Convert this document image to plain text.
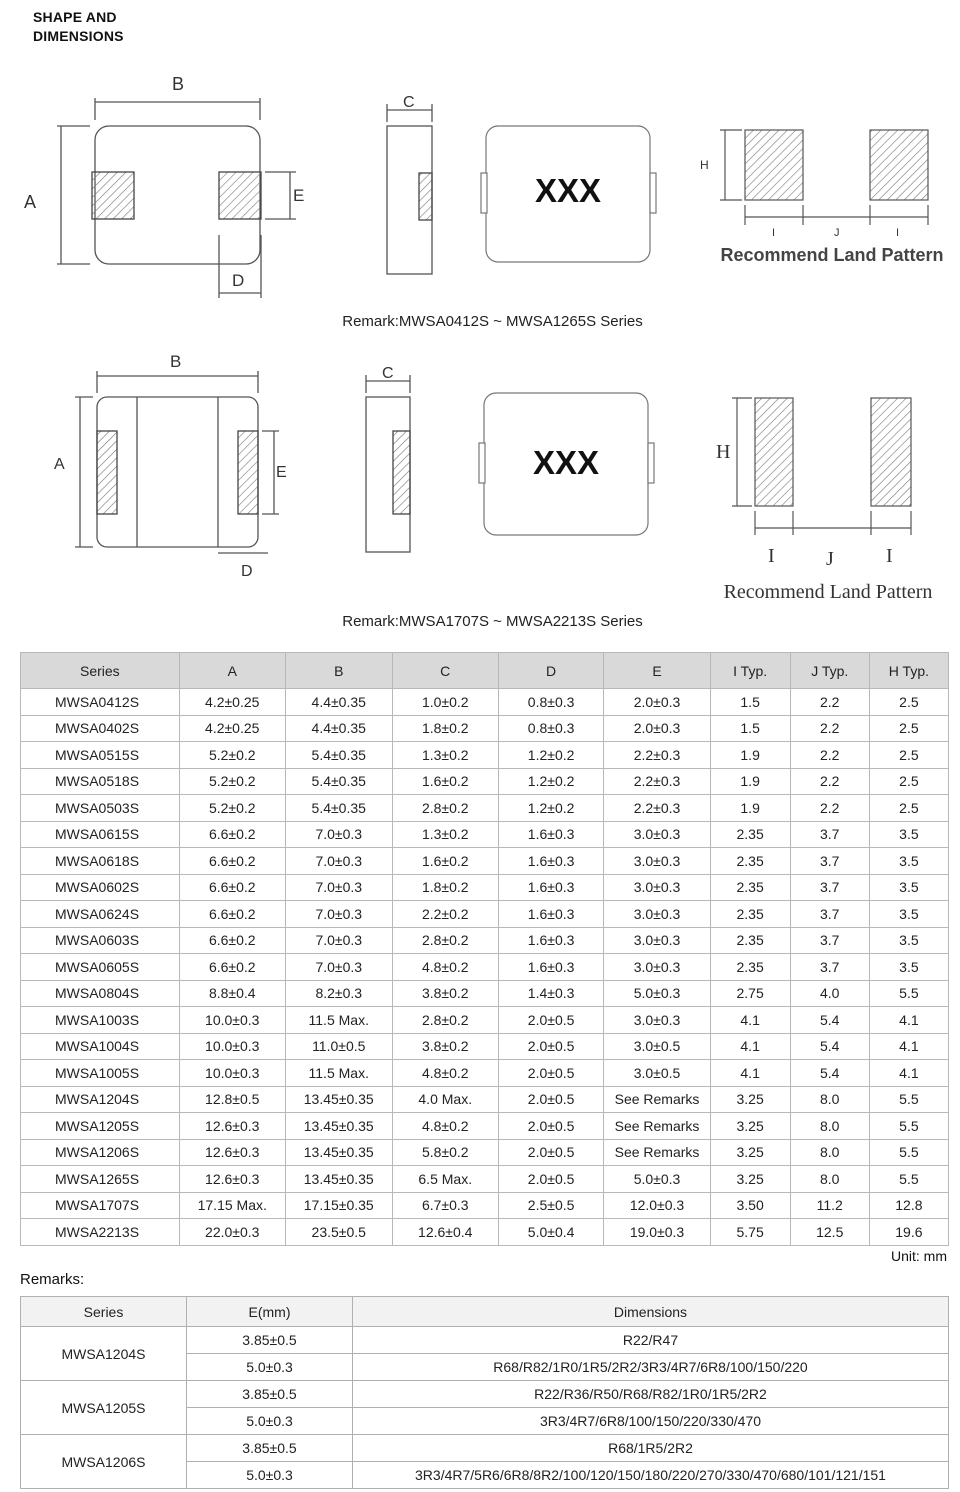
SHAPE AND
DIMENSIONS
B
A	E
D
C
XXX
H
I	J	I
Recommend Land Pattern
Remark:MWSA0412S ~ MWSA1265S Series
B
A	E
D
C
XXX	H
I	J	I
Recommend Land Pattern
Remark:MWSA1707S ~ MWSA2213S Series
Series	A	B	C	D	E	I Typ.	J Typ.	H Typ.
MWSA0412S	4.2±0.25	4.4±0.35	1.0±0.2	0.8±0.3	2.0±0.3	1.5	2.2	2.5
MWSA0402S	4.2±0.25	4.4±0.35	1.8±0.2	0.8±0.3	2.0±0.3	1.5	2.2	2.5
MWSA0515S	5.2±0.2	5.4±0.35	1.3±0.2	1.2±0.2	2.2±0.3	1.9	2.2	2.5
MWSA0518S	5.2±0.2	5.4±0.35	1.6±0.2	1.2±0.2	2.2±0.3	1.9	2.2	2.5
MWSA0503S	5.2±0.2	5.4±0.35	2.8±0.2	1.2±0.2	2.2±0.3	1.9	2.2	2.5
MWSA0615S	6.6±0.2	7.0±0.3	1.3±0.2	1.6±0.3	3.0±0.3	2.35	3.7	3.5
MWSA0618S	6.6±0.2	7.0±0.3	1.6±0.2	1.6±0.3	3.0±0.3	2.35	3.7	3.5
MWSA0602S	6.6±0.2	7.0±0.3	1.8±0.2	1.6±0.3	3.0±0.3	2.35	3.7	3.5
MWSA0624S	6.6±0.2	7.0±0.3	2.2±0.2	1.6±0.3	3.0±0.3	2.35	3.7	3.5
MWSA0603S	6.6±0.2	7.0±0.3	2.8±0.2	1.6±0.3	3.0±0.3	2.35	3.7	3.5
MWSA0605S	6.6±0.2	7.0±0.3	4.8±0.2	1.6±0.3	3.0±0.3	2.35	3.7	3.5
MWSA0804S	8.8±0.4	8.2±0.3	3.8±0.2	1.4±0.3	5.0±0.3	2.75	4.0	5.5
MWSA1003S	10.0±0.3	11.5 Max.	2.8±0.2	2.0±0.5	3.0±0.3	4.1	5.4	4.1
MWSA1004S	10.0±0.3	11.0±0.5	3.8±0.2	2.0±0.5	3.0±0.5	4.1	5.4	4.1
MWSA1005S	10.0±0.3	11.5 Max.	4.8±0.2	2.0±0.5	3.0±0.5	4.1	5.4	4.1
MWSA1204S	12.8±0.5	13.45±0.35	4.0 Max.	2.0±0.5	See Remarks	3.25	8.0	5.5
MWSA1205S	12.6±0.3	13.45±0.35	4.8±0.2	2.0±0.5	See Remarks	3.25	8.0	5.5
MWSA1206S	12.6±0.3	13.45±0.35	5.8±0.2	2.0±0.5	See Remarks	3.25	8.0	5.5
MWSA1265S	12.6±0.3	13.45±0.35	6.5 Max.	2.0±0.5	5.0±0.3	3.25	8.0	5.5
MWSA1707S	17.15 Max.	17.15±0.35	6.7±0.3	2.5±0.5	12.0±0.3	3.50	11.2	12.8
MWSA2213S	22.0±0.3	23.5±0.5	12.6±0.4	5.0±0.4	19.0±0.3	5.75	12.5	19.6
Unit: mm
Remarks:
Series	E(mm)	Dimensions
MWSA1204S	3.85±0.5	R22/R47
	5.0±0.3	R68/R82/1R0/1R5/2R2/3R3/4R7/6R8/100/150/220
MWSA1205S	3.85±0.5	R22/R36/R50/R68/R82/1R0/1R5/2R2
	5.0±0.3	3R3/4R7/6R8/100/150/220/330/470
MWSA1206S	3.85±0.5	R68/1R5/2R2
	5.0±0.3	3R3/4R7/5R6/6R8/8R2/100/120/150/180/220/270/330/470/680/101/121/151
